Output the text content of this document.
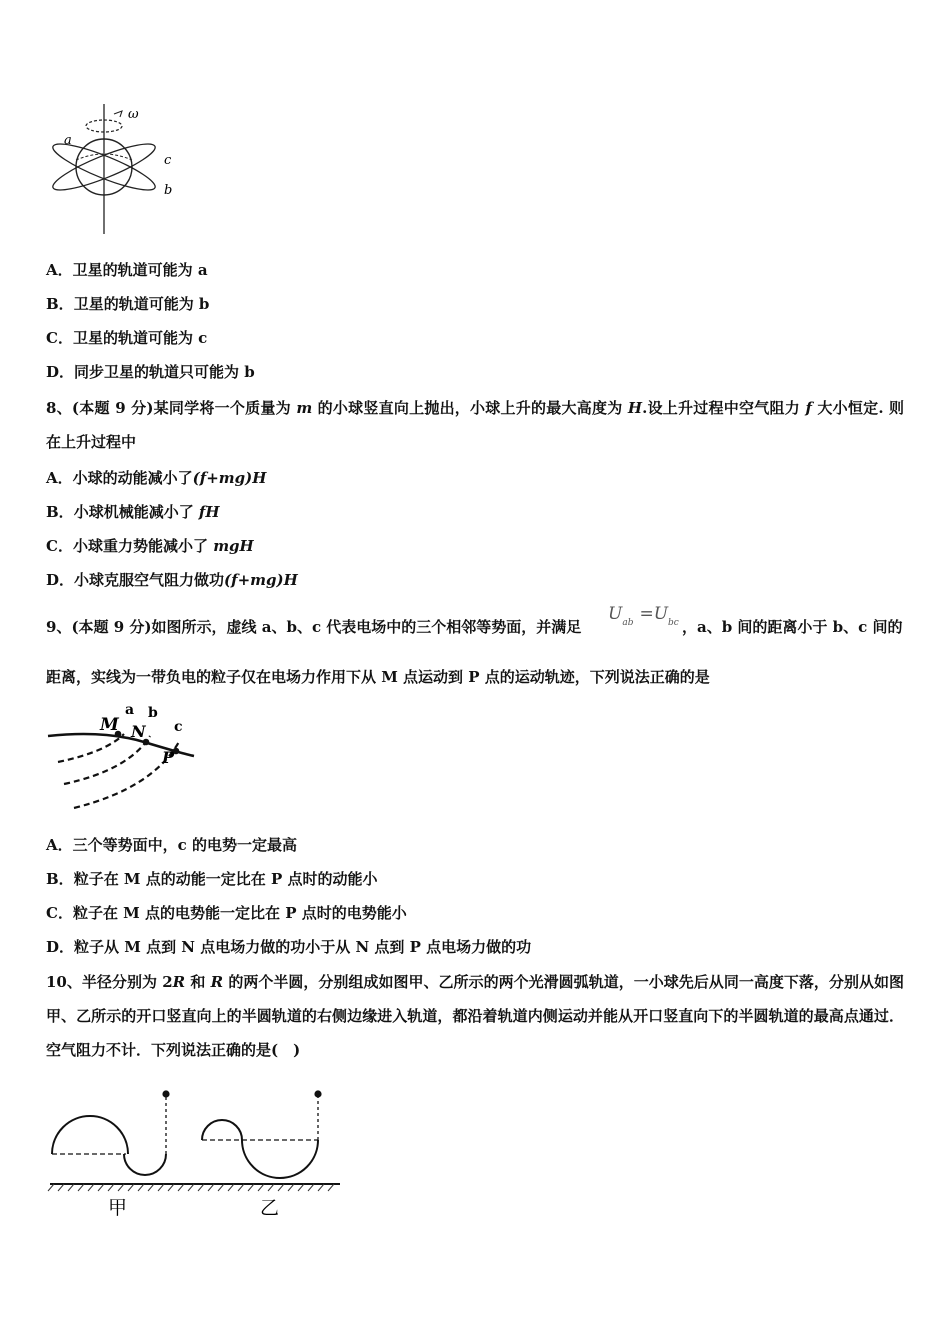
ω
a
c
b
A．卫星的轨道可能为 a
B．卫星的轨道可能为 b
C．卫星的轨道可能为 c
D．同步卫星的轨道只可能为 b
8、(本题 9 分)某同学将一个质量为 m 的小球竖直向上抛出，小球上升的最大高度为 H.设上升过程中空气阻力 f 大小恒定. 则在上升过程中
A．小球的动能减小了(f+mg)H
B．小球机械能减小了 fH
C．小球重力势能减小了 mgH
D．小球克服空气阻力做功(f+mg)H
9、(本题 9 分)如图所示，虚线 a、b、c 代表电场中的三个相邻等势面，并满足
$U_{ab} =U_{bc}$ ，a、b 间的距离小于 b、c 间的
距离，实线为一带负电的粒子仅在电场力作用下从 M 点运动到 P 点的运动轨迹，下列说法正确的是
M N
P
a b
c
A．三个等势面中，c 的电势一定最高
B．粒子在 M 点的动能一定比在 P 点时的动能小
C．粒子在 M 点的电势能一定比在 P 点时的电势能小
D．粒子从 M 点到 N 点电场力做的功小于从 N 点到 P 点电场力做的功
10、半径分别为 2R 和 R 的两个半圆，分别组成如图甲、乙所示的两个光滑圆弧轨道，一小球先后从同一高度下落，分别从如图甲、乙所示的开口竖直向上的半圆轨道的右侧边缘进入轨道，都沿着轨道内侧运动并能从开口竖直向下的半圆轨道的最高点通过．空气阻力不计．下列说法正确的是(　)
甲	乙
